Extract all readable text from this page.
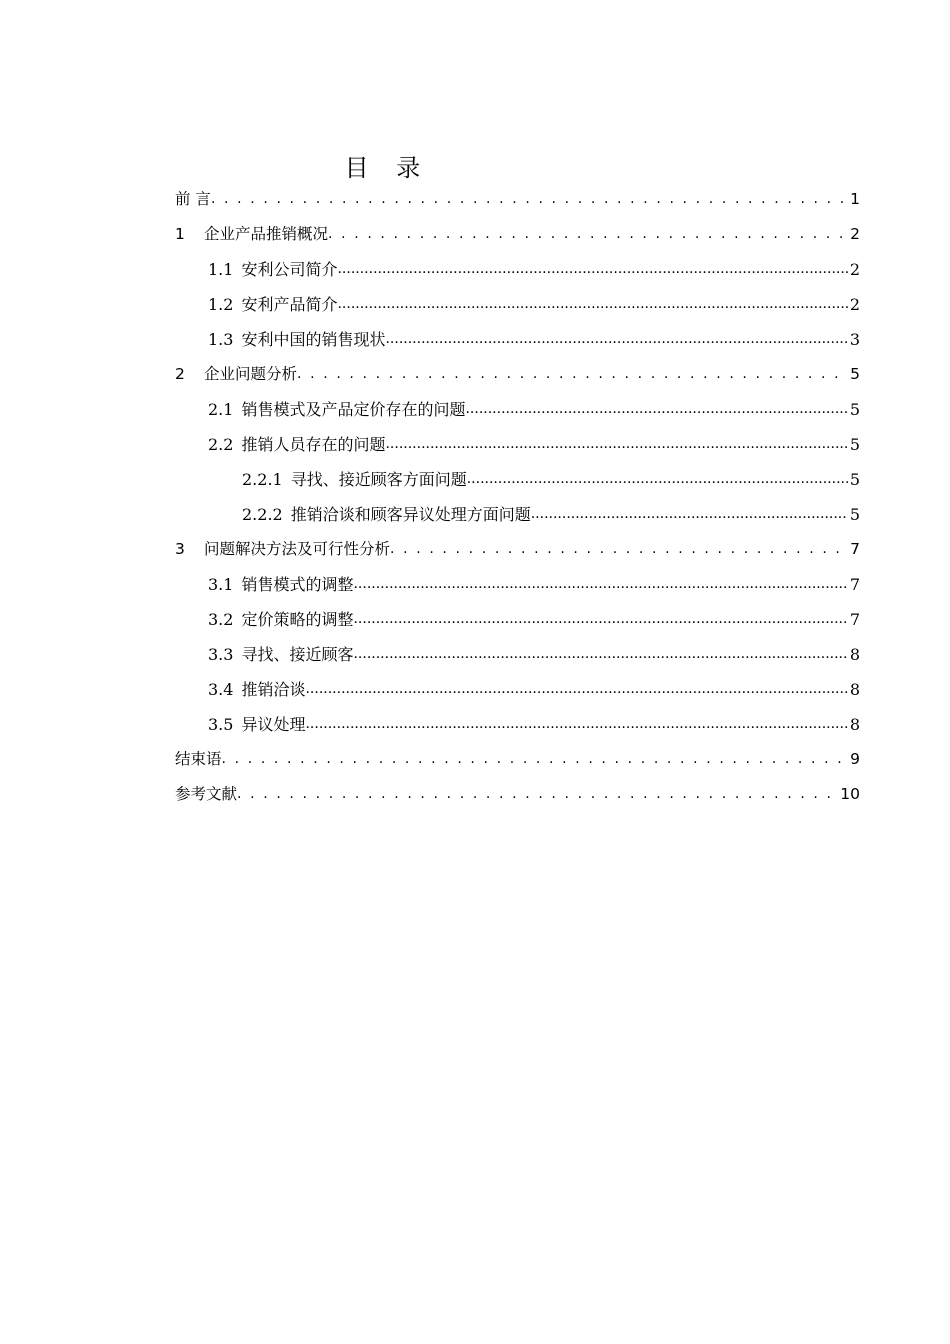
目 录
前 言 . . .	1
1	企业产品推销概况 . . .	2
1.1 安利公司简介 .....	2
1.2 安利产品简介 .....	2
1.3 安利中国的销售现状 .....	3
2	企业问题分析 . . .	5
2.1 销售模式及产品定价存在的问题 .....	5
2.2 推销人员存在的问题 .....	5
2.2.1 寻找、接近顾客方面问题 .....	5
2.2.2 推销洽谈和顾客异议处理方面问题 .....	5
3	问题解决方法及可行性分析 . . .	7
3.1 销售模式的调整 .....	7
3.2 定价策略的调整 .....	7
3.3 寻找、接近顾客 .....	8
3.4 推销洽谈 .....	8
3.5 异议处理 .....	8
结束语 . . .	9
参考文献 . . .	10
